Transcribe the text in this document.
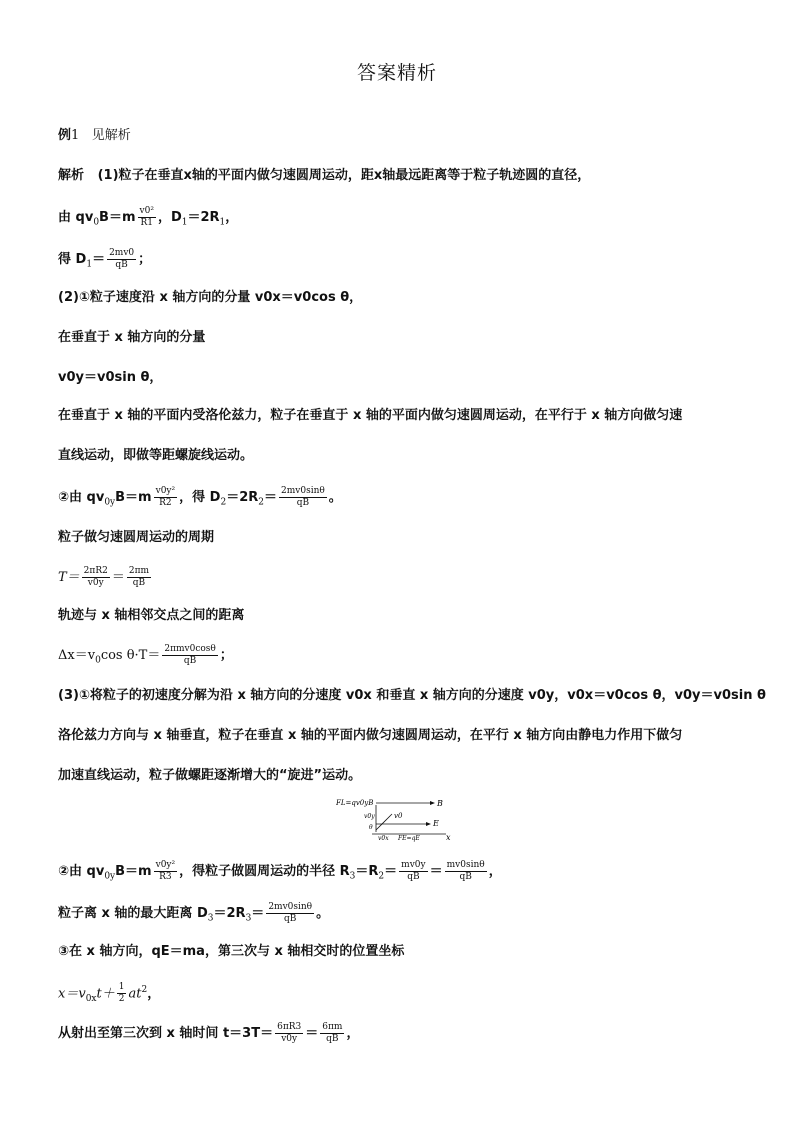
答案精析
例1 见解析
解析 (1)粒子在垂直x轴的平面内做匀速圆周运动，距x轴最远距离等于粒子轨迹圆的直径，
由 $qv_0B=m \frac{\text{v0²}}{R1}$ ，$D_1=2R_1$，
得 $D_1= \frac{2mv0}{qB}$ ；
(2)①粒子速度沿 x 轴方向的分量 v0x＝v0cos θ，
在垂直于 x 轴方向的分量
v0y＝v0sin θ，
在垂直于 x 轴的平面内受洛伦兹力，粒子在垂直于 x 轴的平面内做匀速圆周运动，在平行于 x 轴方向做匀速
直线运动，即做等距螺旋线运动。
②由 $qv_{0y}B=m \frac{\text{v0y²}}{R2}$ ，得 $D_2=2R_2= \frac{2mv0\sin\theta}{qB}$ 。
粒子做匀速圆周运动的周期
$T= \frac{2\pi R2}{v0y} = \frac{2\pi m}{qB}$
轨迹与 x 轴相邻交点之间的距离
$\Delta x=v_0\cos$ $\theta\cdot T= \frac{\text{2πmv0cosθ}}{qB}$ ；
(3)①将粒子的初速度分解为沿 x 轴方向的分速度 v0x 和垂直 x 轴方向的分速度 v0y，v0x＝v0cos θ，v0y＝v0sin θ
洛伦兹力方向与 x 轴垂直，粒子在垂直 x 轴的平面内做匀速圆周运动，在平行 x 轴方向由静电力作用下做匀
加速直线运动，粒子做螺距逐渐增大的“旋进”运动。
FL=qv0yB	B
v0y	v0
E
θ
v0x FE=qE	x
②由 $qv_{0y}B=m \frac{\text{v0y²}}{R3}$ ，得粒子做圆周运动的半径 $R_3=R_2= \frac{mv0y}{qB} = \frac{mv0\sin\theta}{qB}$ ，
粒子离 x 轴的最大距离 $D_3=2R_3= \frac{2mv0\sin\theta}{qB}$ 。
③在 x 轴方向，qE＝ma，第三次与 x 轴相交时的位置坐标
$x=v_{0x}t+ \frac{1}{2} at^2$，
从射出至第三次到 x 轴时间 $t=3T= \frac{6\pi R3}{v0y} = \frac{6\pi m}{qB}$ ，
